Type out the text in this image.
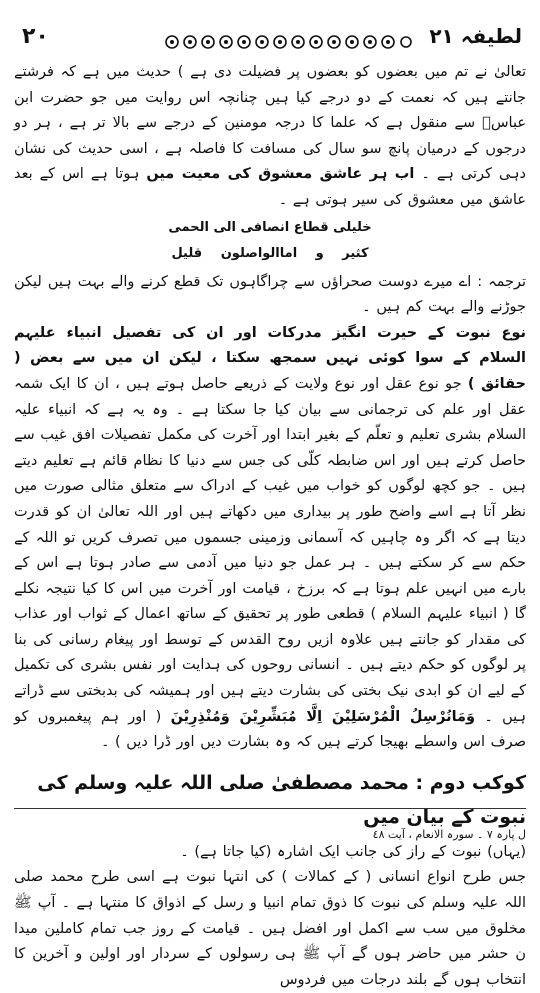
٢٠	لطیفہ ٢١

تعالیٰ نے تم میں بعضوں کو بعضوں پر فضیلت دی ہے ) حدیث میں ہے کہ فرشتے جانتے ہیں کہ نعمت کے دو درجے کیا ہیں چنانچہ اس روایت میں جو حضرت ابن عباسؓ سے منقول ہے کہ علما کا درجہ مومنین کے درجے سے بالا تر ہے ، ہر دو درجوں کے درمیان پانچ سو سال کی مسافت کا فاصلہ ہے ، اسی حدیث کی نشان دہی کرتی ہے ۔ اب ہر عاشق معشوق کی معیت میں ہوتا ہے اس کے بعد عاشق میں معشوق کی سیر ہوتی ہے ۔

خليلى قطاع انصافى الى الحمى
كثير و اماالواصلون قليل

ترجمہ : اے میرے دوست صحراؤں سے چراگاہوں تک قطع کرنے والے بہت ہیں لیکن جوڑنے والے بہت کم ہیں ۔

نوع نبوت کے حیرت انگیز مدرکات اور ان کی تفصیل انبیاء علیہم السلام کے سوا کوئی نہیں سمجھ سکتا ، لیکن ان میں سے بعض ( حقائق ) جو نوع عقل اور نوع ولایت کے ذریعے حاصل ہوتے ہیں ، ان کا ایک شمہ عقل اور علم کی ترجمانی سے بیان کیا جا سکتا ہے ۔ وہ یہ ہے کہ انبیاء علیہ السلام بشری تعلیم و تعلّم کے بغیر ابتدا اور آخرت کی مکمل تفصیلات افق غیب سے حاصل کرتے ہیں اور اس ضابطہ کلّی کی جس سے دنیا کا نظام قائم ہے تعلیم دیتے ہیں ۔ جو کچھ لوگوں کو خواب میں غیب کے ادراک سے متعلق مثالی صورت میں نظر آتا ہے اسے واضح طور پر بیداری میں دکھاتے ہیں اور اللہ تعالیٰ ان کو قدرت دیتا ہے کہ اگر وہ چاہیں کہ آسمانی وزمینی جسموں میں تصرف کریں تو اللہ کے حکم سے کر سکتے ہیں ۔ ہر عمل جو دنیا میں آدمی سے صادر ہوتا ہے اس کے بارے میں انہیں علم ہوتا ہے کہ برزخ ، قیامت اور آخرت میں اس کا کیا نتیجہ نکلے گا ( انبیاء علیہم السلام ) قطعی طور پر تحقیق کے ساتھ اعمال کے ثواب اور عذاب کی مقدار کو جانتے ہیں علاوہ ازیں روح القدس کے توسط اور پیغام رسانی کی بنا پر لوگوں کو حکم دیتے ہیں ۔ انسانی روحوں کی ہدایت اور نفس بشری کی تکمیل کے لیے ان کو ابدی نیک بختی کی بشارت دیتے ہیں اور ہمیشہ کی بدبختی سے ڈراتے ہیں ۔ وَمَانُرْسِلُ الْمُرْسَلِيْنَ اِلَّا مُبَشِّرِيْنَ وَمُنْذِرِيْنَ ( اور ہم پیغمبروں کو صرف اس واسطے بھیجا کرتے ہیں کہ وہ بشارت دیں اور ڈرا دیں ) ۔

کوکب دوم : محمد مصطفیٰ صلی اللہ علیہ وسلم کی نبوت کے بیان میں

(یہاں) نبوت کے راز کی جانب ایک اشارہ (کیا جاتا ہے) ۔

جس طرح انواع انسانی ( کے کمالات ) کی انتہا نبوت ہے اسی طرح محمد صلی اللہ علیہ وسلم کی نبوت کا ذوق تمام انبیا و رسل کے اذواق کا منتہا ہے ۔ آپ ﷺ مخلوق میں سب سے اکمل اور افضل ہیں ۔ قیامت کے روز جب تمام کاملین میدا ن حشر میں حاضر ہوں گے آپ ﷺ ہی رسولوں کے سردار اور اولین و آخرین کا انتخاب ہوں گے بلند درجات میں فردوس

ل پارہ ٧ ۔ سورہ الانعام ، آیت ٤٨
